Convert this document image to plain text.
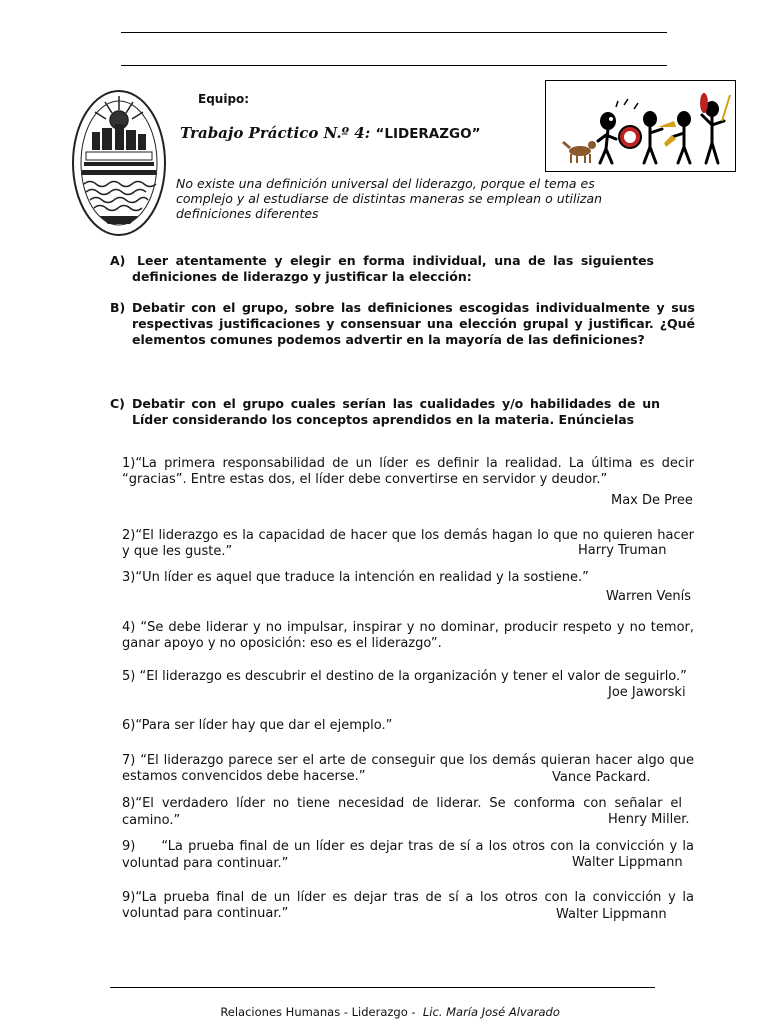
Equipo:
Trabajo Práctico N.º 4: “LIDERAZGO”
No existe una definición universal del liderazgo, porque el tema es complejo y al estudiarse de distintas maneras se emplean o utilizan definiciones diferentes
A) Leer atentamente y elegir en forma individual, una de las siguientes definiciones de liderazgo y justificar la elección:
B) Debatir con el grupo, sobre las definiciones escogidas individualmente y sus respectivas justificaciones y consensuar una elección grupal y justificar. ¿Qué elementos comunes podemos advertir en la mayoría de las definiciones?
C) Debatir con el grupo cuales serían las cualidades y/o habilidades de un Líder considerando los conceptos aprendidos en la materia. Enúncielas
1)“La primera responsabilidad de un líder es definir la realidad. La última es decir “gracias”. Entre estas dos, el líder debe convertirse en servidor y deudor.”
Max De Pree
2)“El liderazgo es la capacidad de hacer que los demás hagan lo que no quieren hacer y que les guste.”	Harry Truman
3)“Un líder es aquel que traduce la intención en realidad y la sostiene.”
Warren Venís
4) “Se debe liderar y no impulsar, inspirar y no dominar, producir respeto y no temor, ganar apoyo y no oposición: eso es el liderazgo”.
5) “El liderazgo es descubrir el destino de la organización y tener el valor de seguirlo.”
Joe Jaworski
6)“Para ser líder hay que dar el ejemplo.”
7) “El liderazgo parece ser el arte de conseguir que los demás quieran hacer algo que estamos convencidos debe hacerse.”	Vance Packard.
8)“El verdadero líder no tiene necesidad de liderar. Se conforma con señalar el camino.”	Henry Miller.
9)     “La prueba final de un líder es dejar tras de sí a los otros con la convicción y la voluntad para continuar.”	Walter Lippmann
9)“La prueba final de un líder es dejar tras de sí a los otros con la convicción y la voluntad para continuar.”	Walter Lippmann

Relaciones Humanas - Liderazgo -  Lic. María José Alvarado
